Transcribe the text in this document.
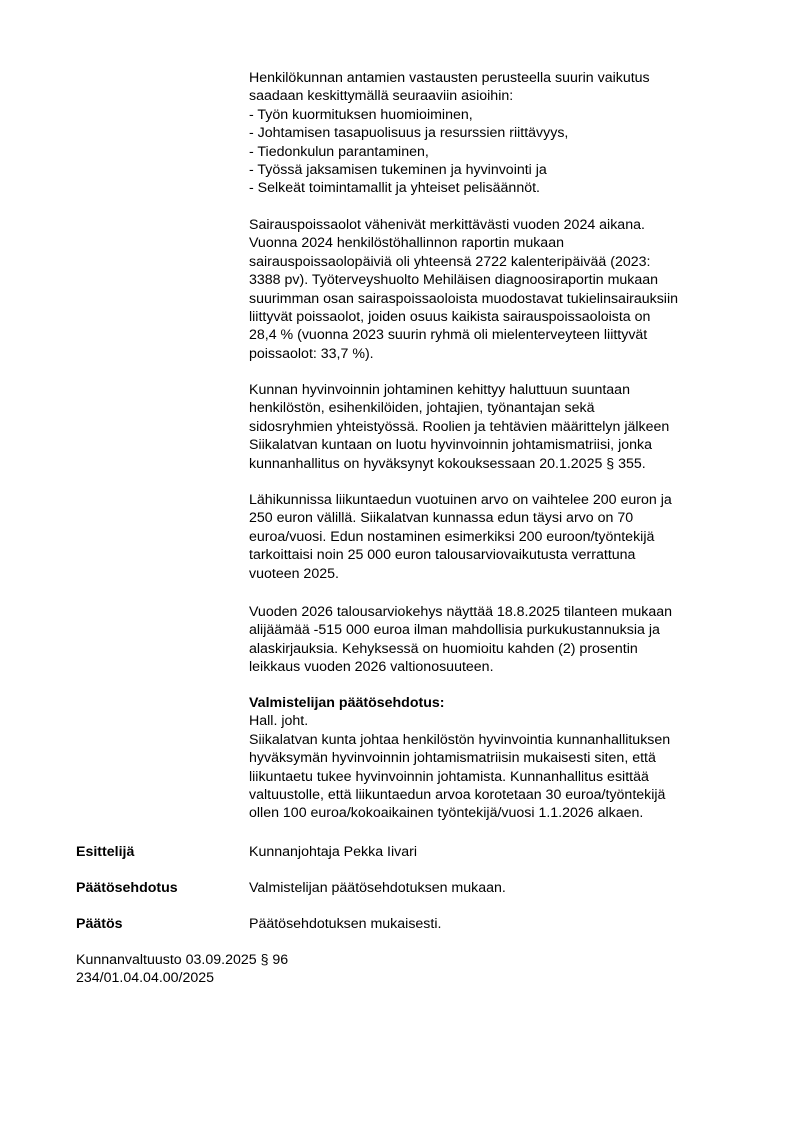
Henkilökunnan antamien vastausten perusteella suurin vaikutus
saadaan keskittymällä seuraaviin asioihin:
- Työn kuormituksen huomioiminen,
- Johtamisen tasapuolisuus ja resurssien riittävyys,
- Tiedonkulun parantaminen,
- Työssä jaksamisen tukeminen ja hyvinvointi ja
- Selkeät toimintamallit ja yhteiset pelisäännöt.
Sairauspoissaolot vähenivät merkittävästi vuoden 2024 aikana.
Vuonna 2024 henkilöstöhallinnon raportin mukaan
sairauspoissaolopäiviä oli yhteensä 2722 kalenteripäivää (2023:
3388 pv). Työterveyshuolto Mehiläisen diagnoosiraportin mukaan
suurimman osan sairaspoissaoloista muodostavat tukielinsairauksiin
liittyvät poissaolot, joiden osuus kaikista sairauspoissaoloista on
28,4 % (vuonna 2023 suurin ryhmä oli mielenterveyteen liittyvät
poissaolot: 33,7 %).
Kunnan hyvinvoinnin johtaminen kehittyy haluttuun suuntaan
henkilöstön, esihenkilöiden, johtajien, työnantajan sekä
sidosryhmien yhteistyössä. Roolien ja tehtävien määrittelyn jälkeen
Siikalatvan kuntaan on luotu hyvinvoinnin johtamismatriisi, jonka
kunnanhallitus on hyväksynyt kokouksessaan 20.1.2025 § 355.
Lähikunnissa liikuntaedun vuotuinen arvo on vaihtelee 200 euron ja
250 euron välillä. Siikalatvan kunnassa edun täysi arvo on 70
euroa/vuosi. Edun nostaminen esimerkiksi 200 euroon/työntekijä
tarkoittaisi noin 25 000 euron talousarviovaikutusta verrattuna
vuoteen 2025.
Vuoden 2026 talousarviokehys näyttää 18.8.2025 tilanteen mukaan
alijäämää -515 000 euroa ilman mahdollisia purkukustannuksia ja
alaskirjauksia. Kehyksessä on huomioitu kahden (2) prosentin
leikkaus vuoden 2026 valtionosuuteen.
Valmistelijan päätösehdotus:
Hall. joht.
Siikalatvan kunta johtaa henkilöstön hyvinvointia kunnanhallituksen
hyväksymän hyvinvoinnin johtamismatriisin mukaisesti siten, että
liikuntaetu tukee hyvinvoinnin johtamista. Kunnanhallitus esittää
valtuustolle, että liikuntaedun arvoa korotetaan 30 euroa/työntekijä
ollen 100 euroa/kokoaikainen työntekijä/vuosi 1.1.2026 alkaen.

Esittelijä	Kunnanjohtaja Pekka Iivari

Päätösehdotus	Valmistelijan päätösehdotuksen mukaan.

Päätös	Päätösehdotuksen mukaisesti.

Kunnanvaltuusto 03.09.2025 § 96
234/01.04.04.00/2025
